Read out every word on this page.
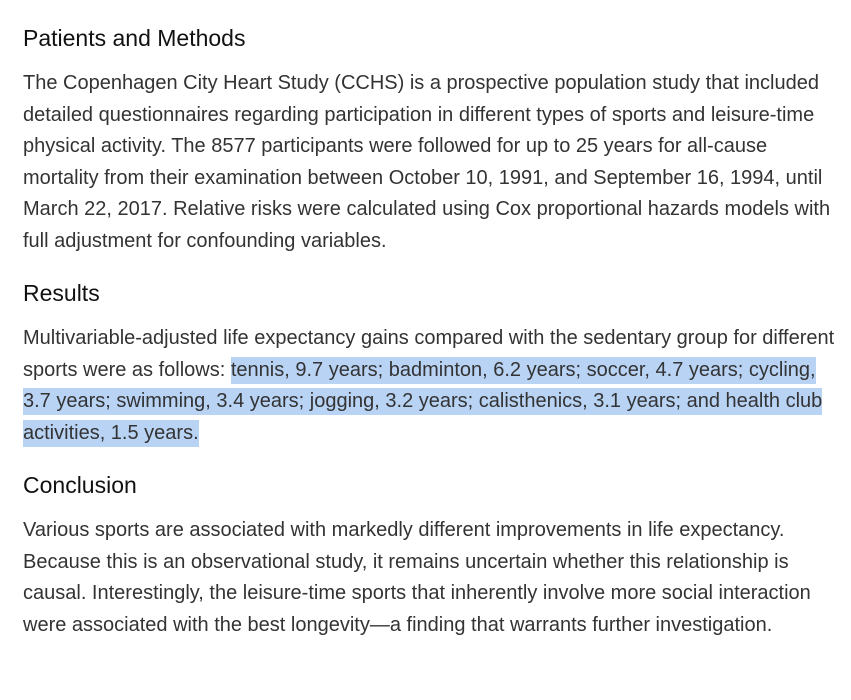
Patients and Methods

The Copenhagen City Heart Study (CCHS) is a prospective population study that included detailed questionnaires regarding participation in different types of sports and leisure-time physical activity. The 8577 participants were followed for up to 25 years for all-cause mortality from their examination between October 10, 1991, and September 16, 1994, until March 22, 2017. Relative risks were calculated using Cox proportional hazards models with full adjustment for confounding variables.

Results

Multivariable-adjusted life expectancy gains compared with the sedentary group for different sports were as follows: tennis, 9.7 years; badminton, 6.2 years; soccer, 4.7 years; cycling, 3.7 years; swimming, 3.4 years; jogging, 3.2 years; calisthenics, 3.1 years; and health club activities, 1.5 years.

Conclusion

Various sports are associated with markedly different improvements in life expectancy. Because this is an observational study, it remains uncertain whether this relationship is causal. Interestingly, the leisure-time sports that inherently involve more social interaction were associated with the best longevity—a finding that warrants further investigation.
